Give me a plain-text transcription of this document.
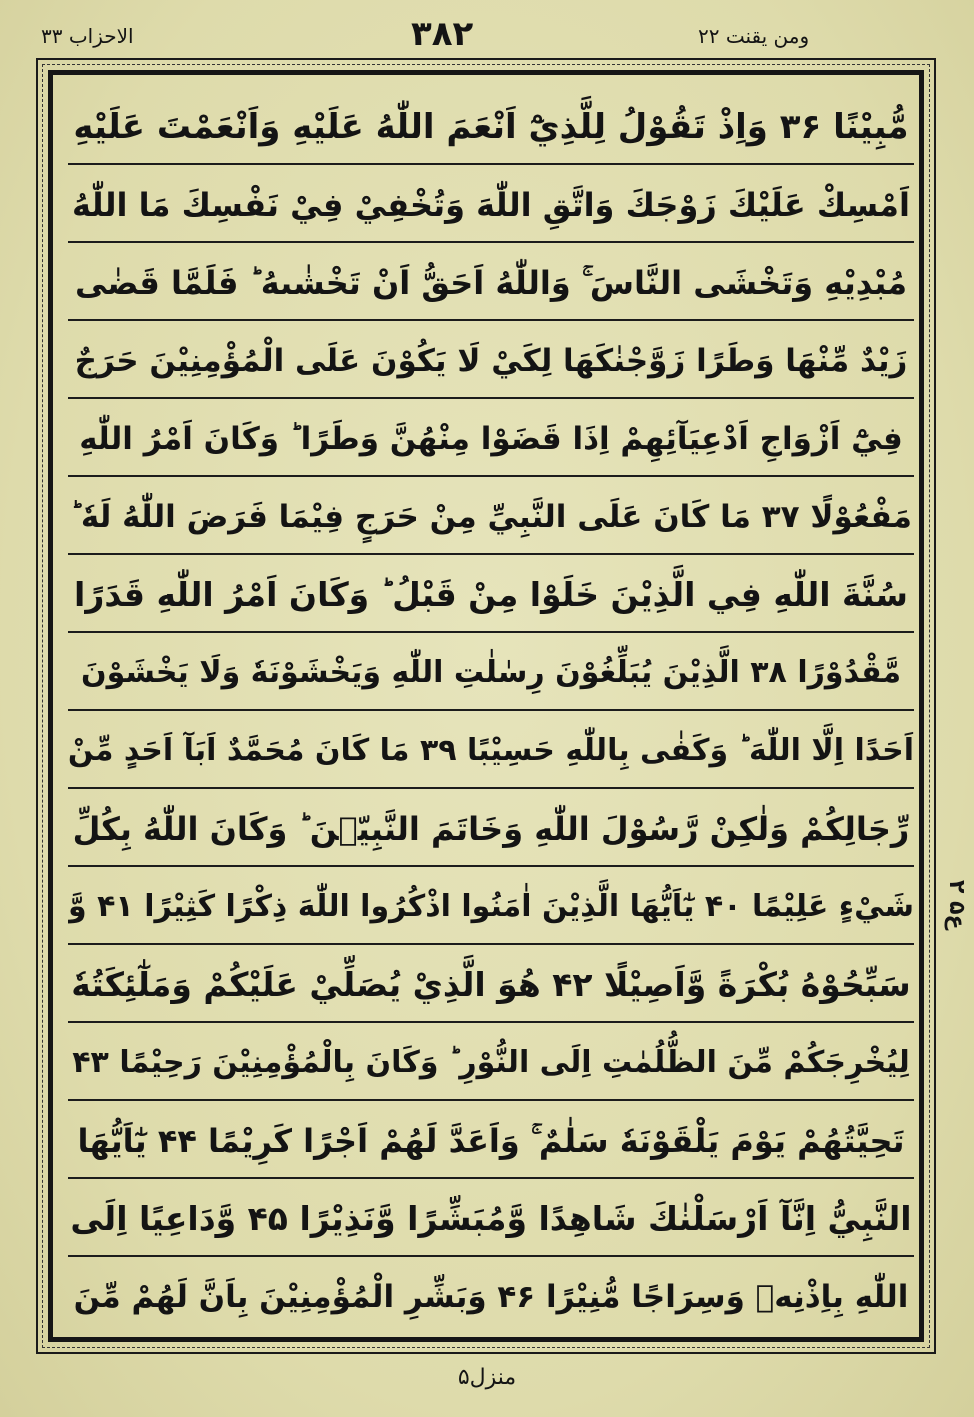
الاحزاب ۳۳	۳۸۲	ومن يقنت ۲۲
مُّبِيْنًا ۳۶ وَاِذْ تَقُوْلُ لِلَّذِيْٓ اَنْعَمَ اللّٰهُ عَلَيْهِ وَاَنْعَمْتَ عَلَيْهِ
اَمْسِكْ عَلَيْكَ زَوْجَكَ وَاتَّقِ اللّٰهَ وَتُخْفِيْ فِيْ نَفْسِكَ مَا اللّٰهُ
مُبْدِيْهِ وَتَخْشَى النَّاسَ ۚ وَاللّٰهُ اَحَقُّ اَنْ تَخْشٰىهُ ؕ فَلَمَّا قَضٰى
زَيْدٌ مِّنْهَا وَطَرًا زَوَّجْنٰكَهَا لِكَيْ لَا يَكُوْنَ عَلَى الْمُؤْمِنِيْنَ حَرَجٌ
فِيْٓ اَزْوَاجِ اَدْعِيَآئِهِمْ اِذَا قَضَوْا مِنْهُنَّ وَطَرًا ؕ وَكَانَ اَمْرُ اللّٰهِ
مَفْعُوْلًا ۳۷ مَا كَانَ عَلَى النَّبِيِّ مِنْ حَرَجٍ فِيْمَا فَرَضَ اللّٰهُ لَهٗ ؕ
سُنَّةَ اللّٰهِ فِي الَّذِيْنَ خَلَوْا مِنْ قَبْلُ ؕ وَكَانَ اَمْرُ اللّٰهِ قَدَرًا
مَّقْدُوْرًا ۳۸ الَّذِيْنَ يُبَلِّغُوْنَ رِسٰلٰتِ اللّٰهِ وَيَخْشَوْنَهٗ وَلَا يَخْشَوْنَ
اَحَدًا اِلَّا اللّٰهَ ؕ وَكَفٰى بِاللّٰهِ حَسِيْبًا ۳۹ مَا كَانَ مُحَمَّدٌ اَبَآ اَحَدٍ مِّنْ
رِّجَالِكُمْ وَلٰكِنْ رَّسُوْلَ اللّٰهِ وَخَاتَمَ النَّبِيّٖنَ ؕ وَكَانَ اللّٰهُ بِكُلِّ
شَيْءٍ عَلِيْمًا ۴۰ يٰٓاَيُّهَا الَّذِيْنَ اٰمَنُوا اذْكُرُوا اللّٰهَ ذِكْرًا كَثِيْرًا ۴۱ وَّ
سَبِّحُوْهُ بُكْرَةً وَّاَصِيْلًا ۴۲ هُوَ الَّذِيْ يُصَلِّيْ عَلَيْكُمْ وَمَلٰٓئِكَتُهٗ
لِيُخْرِجَكُمْ مِّنَ الظُّلُمٰتِ اِلَى النُّوْرِ ؕ وَكَانَ بِالْمُؤْمِنِيْنَ رَحِيْمًا ۴۳
تَحِيَّتُهُمْ يَوْمَ يَلْقَوْنَهٗ سَلٰمٌ ۚ وَاَعَدَّ لَهُمْ اَجْرًا كَرِيْمًا ۴۴ يٰٓاَيُّهَا
النَّبِيُّ اِنَّآ اَرْسَلْنٰكَ شَاهِدًا وَّمُبَشِّرًا وَّنَذِيْرًا ۴۵ وَّدَاعِيًا اِلَى
اللّٰهِ بِاِذْنِهٖ وَسِرَاجًا مُّنِيْرًا ۴۶ وَبَشِّرِ الْمُؤْمِنِيْنَ بِاَنَّ لَهُمْ مِّنَ
ع۵ ۲
منزل۵
